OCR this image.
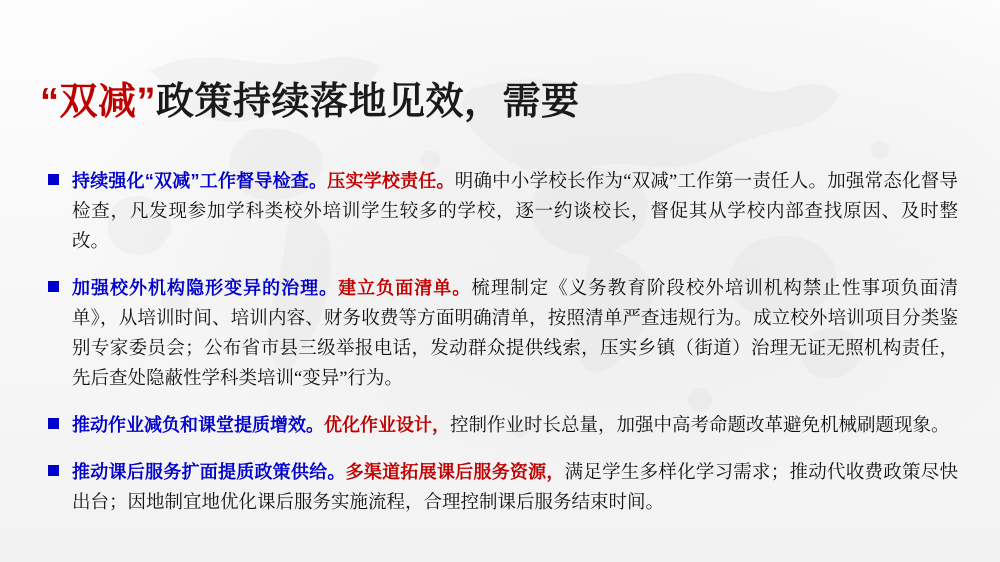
“双减”政策持续落地见效，需要
持续强化“双减”工作督导检查。压实学校责任。明确中小学校长作为“双减”工作第一责任人。加强常态化督导检查，凡发现参加学科类校外培训学生较多的学校，逐一约谈校长，督促其从学校内部查找原因、及时整改。
加强校外机构隐形变异的治理。建立负面清单。梳理制定《义务教育阶段校外培训机构禁止性事项负面清单》，从培训时间、培训内容、财务收费等方面明确清单，按照清单严查违规行为。成立校外培训项目分类鉴别专家委员会；公布省市县三级举报电话，发动群众提供线索，压实乡镇（街道）治理无证无照机构责任，先后查处隐蔽性学科类培训“变异”行为。
推动作业减负和课堂提质增效。优化作业设计，控制作业时长总量，加强中高考命题改革避免机械刷题现象。
推动课后服务扩面提质政策供给。多渠道拓展课后服务资源，满足学生多样化学习需求；推动代收费政策尽快出台；因地制宜地优化课后服务实施流程，合理控制课后服务结束时间。
